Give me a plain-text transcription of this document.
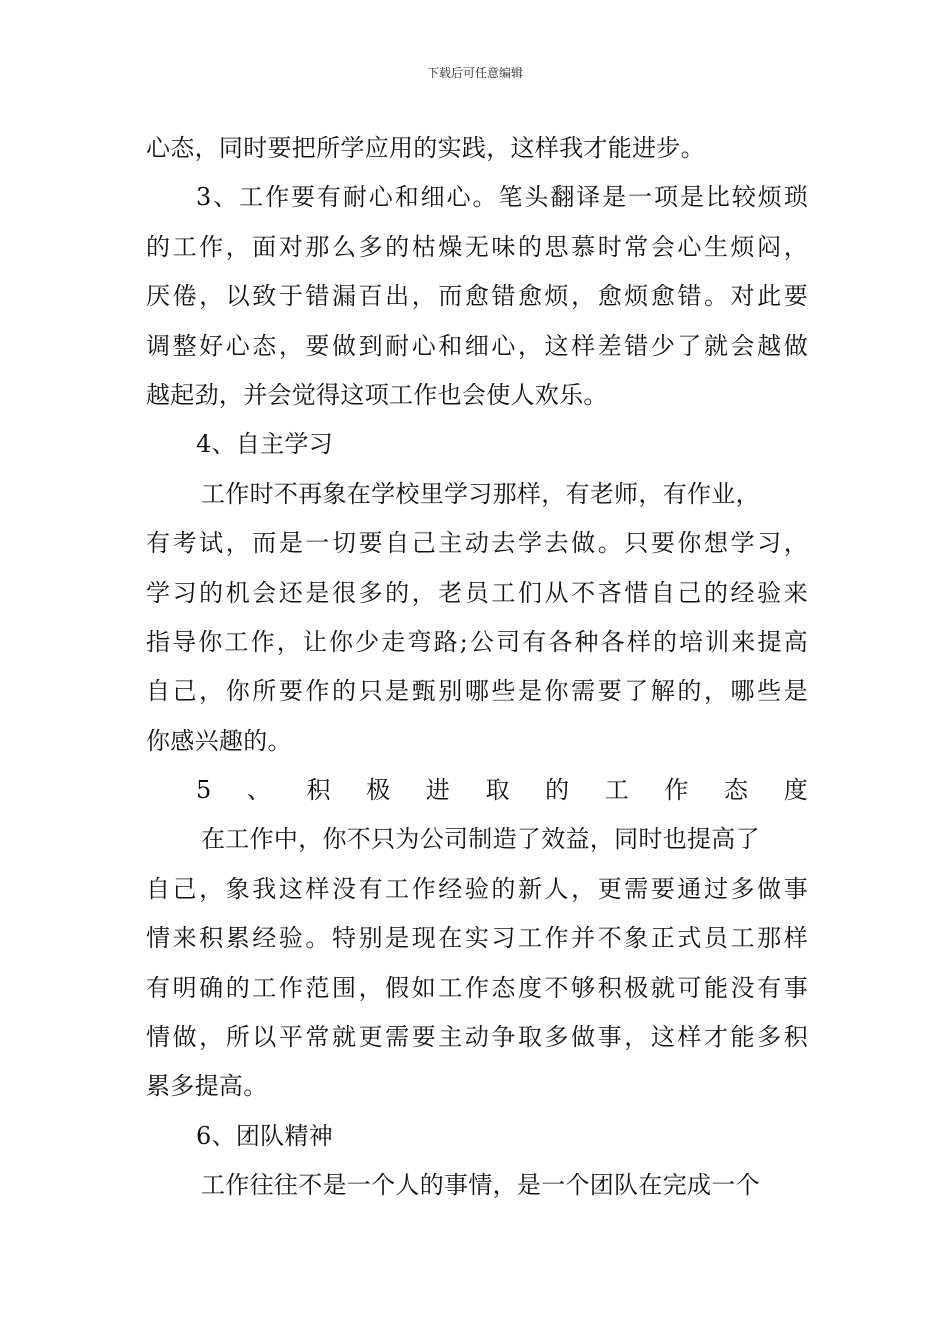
下载后可任意编辑
心态，同时要把所学应用的实践，这样我才能进步。
3、工作要有耐心和细心。笔头翻译是一项是比较烦琐
的工作，面对那么多的枯燥无味的思慕时常会心生烦闷，
厌倦，以致于错漏百出，而愈错愈烦，愈烦愈错。对此要
调整好心态，要做到耐心和细心，这样差错少了就会越做
越起劲，并会觉得这项工作也会使人欢乐。
4、自主学习
工作时不再象在学校里学习那样，有老师，有作业，
有考试，而是一切要自己主动去学去做。只要你想学习，
学习的机会还是很多的，老员工们从不吝惜自己的经验来
指导你工作，让你少走弯路;公司有各种各样的培训来提高
自己，你所要作的只是甄别哪些是你需要了解的，哪些是
你感兴趣的。
5、积极进取的工作态度
在工作中，你不只为公司制造了效益，同时也提高了
自己，象我这样没有工作经验的新人，更需要通过多做事
情来积累经验。特别是现在实习工作并不象正式员工那样
有明确的工作范围，假如工作态度不够积极就可能没有事
情做，所以平常就更需要主动争取多做事，这样才能多积
累多提高。
6、团队精神
工作往往不是一个人的事情，是一个团队在完成一个
